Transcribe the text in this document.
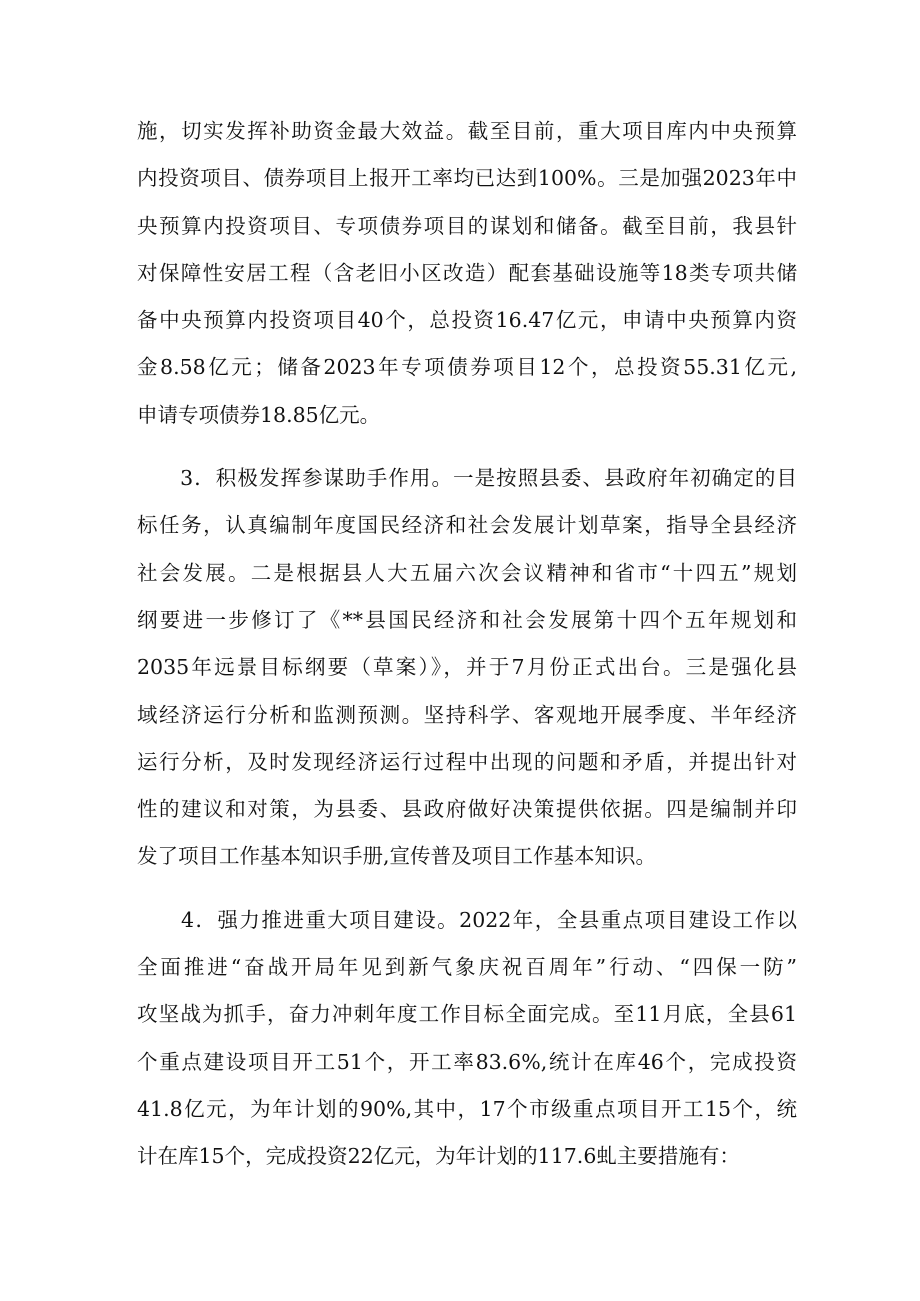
施，切实发挥补助资金最大效益。截至目前，重大项目库内中央预算
内投资项目、债券项目上报开工率均已达到100%。三是加强2023年中
央预算内投资项目、专项债券项目的谋划和储备。截至目前，我县针
对保障性安居工程（含老旧小区改造）配套基础设施等18类专项共储
备中央预算内投资项目40个，总投资16.47亿元，申请中央预算内资
金8.58亿元；储备2023年专项债券项目12个，总投资55.31亿元,
申请专项债券18.85亿元。
　　3．积极发挥参谋助手作用。一是按照县委、县政府年初确定的目
标任务，认真编制年度国民经济和社会发展计划草案，指导全县经济
社会发展。二是根据县人大五届六次会议精神和省市“十四五”规划
纲要进一步修订了《**县国民经济和社会发展第十四个五年规划和
2035年远景目标纲要（草案）》，并于7月份正式出台。三是强化县
域经济运行分析和监测预测。坚持科学、客观地开展季度、半年经济
运行分析，及时发现经济运行过程中出现的问题和矛盾，并提出针对
性的建议和对策，为县委、县政府做好决策提供依据。四是编制并印
发了项目工作基本知识手册,宣传普及项目工作基本知识。
　　4．强力推进重大项目建设。2022年，全县重点项目建设工作以
全面推进“奋战开局年见到新气象庆祝百周年”行动、“四保一防”
攻坚战为抓手，奋力冲刺年度工作目标全面完成。至11月底，全县61
个重点建设项目开工51个，开工率83.6%,统计在库46个，完成投资
41.8亿元，为年计划的90%,其中，17个市级重点项目开工15个，统
计在库15个，完成投资22亿元，为年计划的117.6虬主要措施有：
